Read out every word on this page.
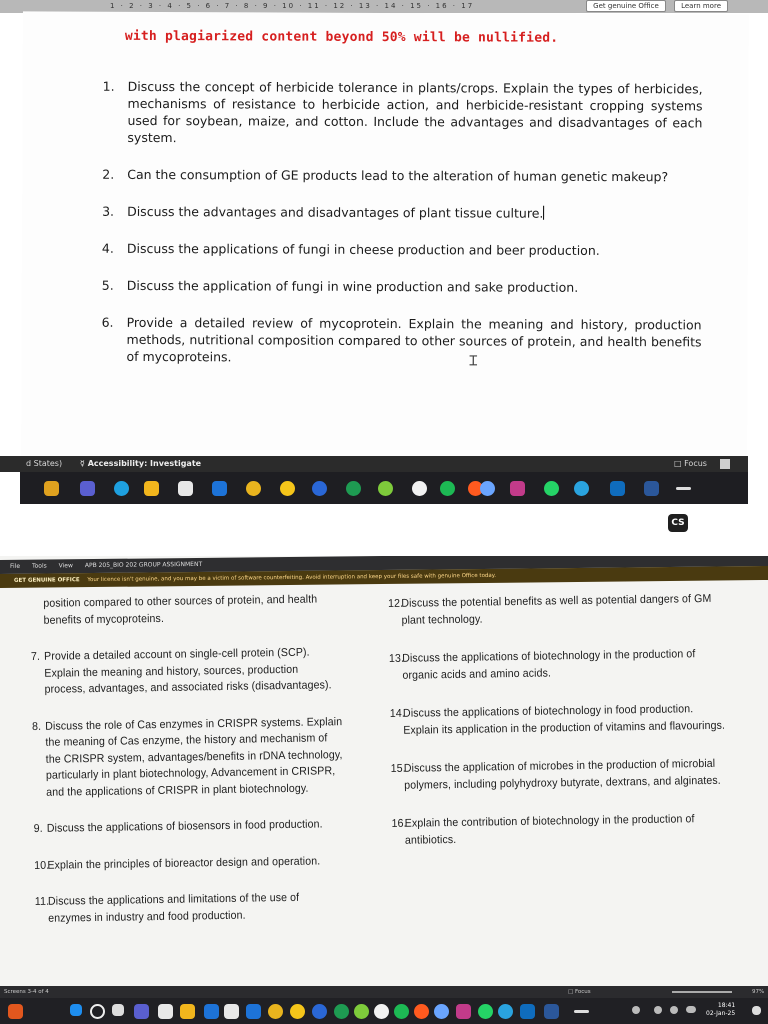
1 · 2 · 3 · 4 · 5 · 6 · 7 · 8 · 9 · 10 · 11 · 12 · 13 · 14 · 15 · 16 · 17	Get genuine Office	Learn more
with plagiarized content beyond 50% will be nullified.
1. Discuss the concept of herbicide tolerance in plants/crops. Explain the types of herbicides, mechanisms of resistance to herbicide action, and herbicide-resistant cropping systems used for soybean, maize, and cotton. Include the advantages and disadvantages of each system.
2. Can the consumption of GE products lead to the alteration of human genetic makeup?
3. Discuss the advantages and disadvantages of plant tissue culture.
4. Discuss the applications of fungi in cheese production and beer production.
5. Discuss the application of fungi in wine production and sake production.
6. Provide a detailed review of mycoprotein. Explain the meaning and history, production methods, nutritional composition compared to other sources of protein, and health benefits of mycoproteins.	Ɪ
d States) ☿ Accessibility: Investigate	□ Focus
CS
File Tools View APB 205_BIO 202 GROUP ASSIGNMENT
GET GENUINE OFFICE Your licence isn't genuine, and you may be a victim of software counterfeiting. Avoid interruption and keep your files safe with genuine Office today.
position compared to other sources of protein, and health benefits of mycoproteins.
7. Provide a detailed account on single-cell protein (SCP). Explain the meaning and history, sources, production process, advantages, and associated risks (disadvantages).
8. Discuss the role of Cas enzymes in CRISPR systems. Explain the meaning of Cas enzyme, the history and mechanism of the CRISPR system, advantages/benefits in rDNA technology, particularly in plant biotechnology, Advancement in CRISPR, and the applications of CRISPR in plant biotechnology.
9. Discuss the applications of biosensors in food production.
10.
Explain the principles of bioreactor design and operation.
11.
Discuss the applications and limitations of the use of enzymes in industry and food production.
12.
Discuss the potential benefits as well as potential dangers of GM plant technology.
13.
Discuss the applications of biotechnology in the production of organic acids and amino acids.
14.
Discuss the applications of biotechnology in food production. Explain its application in the production of vitamins and flavourings.
15.
Discuss the application of microbes in the production of microbial polymers, including polyhydroxy butyrate, dextrans, and alginates.
16.
Explain the contribution of biotechnology in the production of antibiotics.
Screens 3-4 of 4	□ Focus	97%
18:41
02-Jan-25
